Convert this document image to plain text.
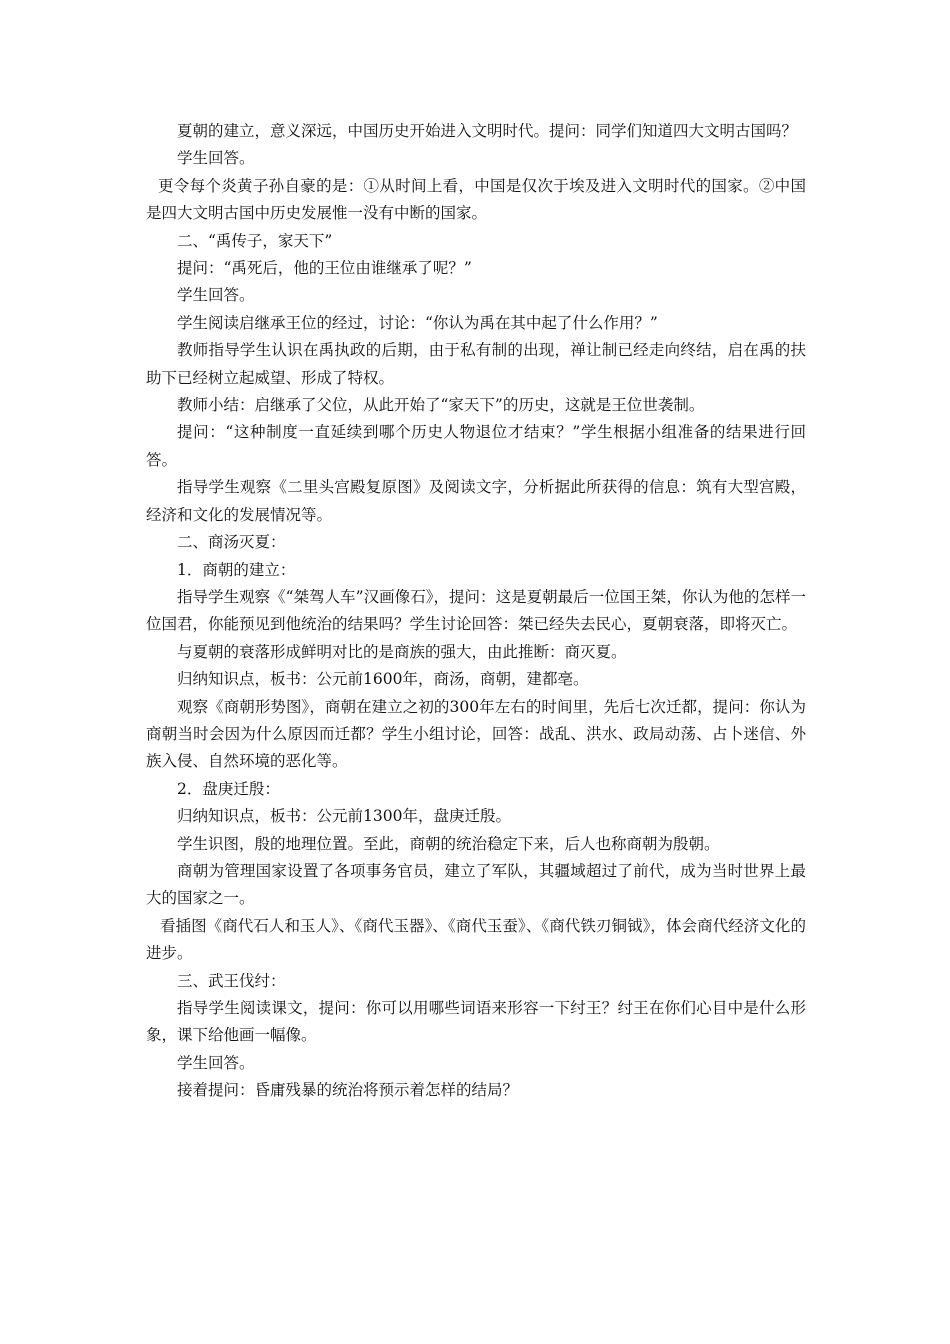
夏朝的建立，意义深远，中国历史开始进入文明时代。提问：同学们知道四大文明古国吗？

学生回答。

更令每个炎黄子孙自豪的是：①从时间上看，中国是仅次于埃及进入文明时代的国家。②中国是四大文明古国中历史发展惟一没有中断的国家。

二、“禹传子，家天下”

提问：“禹死后，他的王位由谁继承了呢？”

学生回答。

学生阅读启继承王位的经过，讨论：“你认为禹在其中起了什么作用？”

教师指导学生认识在禹执政的后期，由于私有制的出现，禅让制已经走向终结，启在禹的扶助下已经树立起威望、形成了特权。

教师小结：启继承了父位，从此开始了“家天下”的历史，这就是王位世袭制。

提问：“这种制度一直延续到哪个历史人物退位才结束？”学生根据小组准备的结果进行回答。

指导学生观察《二里头宫殿复原图》及阅读文字，分析据此所获得的信息：筑有大型宫殿，经济和文化的发展情况等。

二、商汤灭夏：

1．商朝的建立：

指导学生观察《“桀驾人车”汉画像石》，提问：这是夏朝最后一位国王桀，你认为他的怎样一位国君，你能预见到他统治的结果吗？学生讨论回答：桀已经失去民心，夏朝衰落，即将灭亡。

与夏朝的衰落形成鲜明对比的是商族的强大，由此推断：商灭夏。

归纳知识点，板书：公元前1600年，商汤，商朝，建都亳。

观察《商朝形势图》，商朝在建立之初的300年左右的时间里，先后七次迁都，提问：你认为商朝当时会因为什么原因而迁都？学生小组讨论，回答：战乱、洪水、政局动荡、占卜迷信、外族入侵、自然环境的恶化等。

2．盘庚迁殷：

归纳知识点，板书：公元前1300年，盘庚迁殷。

学生识图，殷的地理位置。至此，商朝的统治稳定下来，后人也称商朝为殷朝。

商朝为管理国家设置了各项事务官员，建立了军队，其疆域超过了前代，成为当时世界上最大的国家之一。

看插图《商代石人和玉人》、《商代玉器》、《商代玉蚕》、《商代铁刃铜钺》，体会商代经济文化的进步。

三、武王伐纣：

指导学生阅读课文，提问：你可以用哪些词语来形容一下纣王？纣王在你们心目中是什么形象，课下给他画一幅像。

学生回答。

接着提问：昏庸残暴的统治将预示着怎样的结局？
